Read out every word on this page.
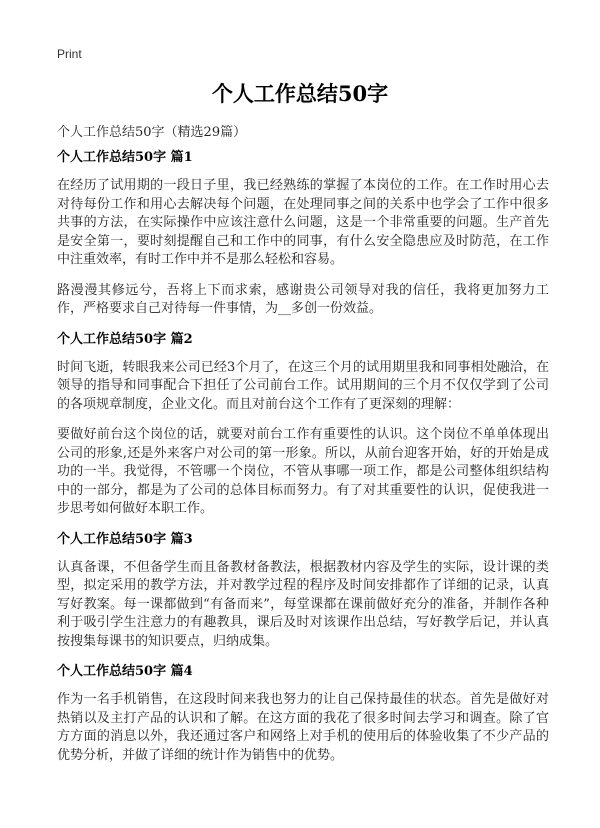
Print
个人工作总结50字

个人工作总结50字（精选29篇）

个人工作总结50字 篇1

在经历了试用期的一段日子里，我已经熟练的掌握了本岗位的工作。在工作时用心去对待每份工作和用心去解决每个问题，在处理同事之间的关系中也学会了工作中很多共事的方法，在实际操作中应该注意什么问题，这是一个非常重要的问题。生产首先是安全第一，要时刻提醒自己和工作中的同事，有什么安全隐患应及时防范，在工作中注重效率，有时工作中并不是那么轻松和容易。

路漫漫其修远兮，吾将上下而求索，感谢贵公司领导对我的信任，我将更加努力工作，严格要求自己对待每一件事情，为__多创一份效益。

个人工作总结50字 篇2

时间飞逝，转眼我来公司已经3个月了，在这三个月的试用期里我和同事相处融洽，在领导的指导和同事配合下担任了公司前台工作。试用期间的三个月不仅仅学到了公司的各项规章制度，企业文化。而且对前台这个工作有了更深刻的理解：

要做好前台这个岗位的话，就要对前台工作有重要性的认识。这个岗位不单单体现出公司的形象,还是外来客户对公司的第一形象。所以，从前台迎客开始，好的开始是成功的一半。我觉得，不管哪一个岗位，不管从事哪一项工作，都是公司整体组织结构中的一部分，都是为了公司的总体目标而努力。有了对其重要性的认识，促使我进一步思考如何做好本职工作。

个人工作总结50字 篇3

认真备课，不但备学生而且备教材备教法，根据教材内容及学生的实际，设计课的类型，拟定采用的教学方法，并对教学过程的程序及时间安排都作了详细的记录，认真写好教案。每一课都做到“有备而来”，每堂课都在课前做好充分的准备，并制作各种利于吸引学生注意力的有趣教具，课后及时对该课作出总结，写好教学后记，并认真按搜集每课书的知识要点，归纳成集。

个人工作总结50字 篇4

作为一名手机销售，在这段时间来我也努力的让自己保持最佳的状态。首先是做好对热销以及主打产品的认识和了解。在这方面的我花了很多时间去学习和调查。除了官方方面的消息以外，我还通过客户和网络上对手机的使用后的体验收集了不少产品的优势分析，并做了详细的统计作为销售中的优势。
